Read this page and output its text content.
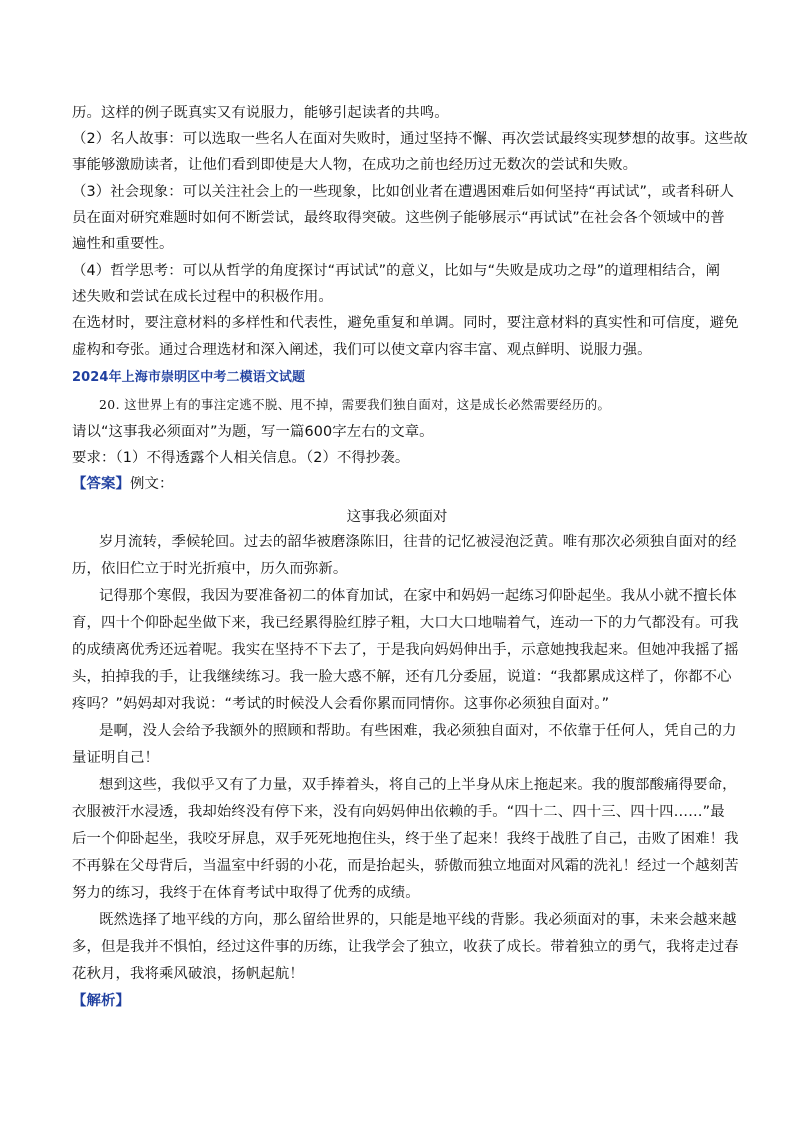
历。这样的例子既真实又有说服力，能够引起读者的共鸣。
（2）名人故事：可以选取一些名人在面对失败时，通过坚持不懈、再次尝试最终实现梦想的故事。这些故
事能够激励读者，让他们看到即使是大人物，在成功之前也经历过无数次的尝试和失败。
（3）社会现象：可以关注社会上的一些现象，比如创业者在遭遇困难后如何坚持“再试试”，或者科研人
员在面对研究难题时如何不断尝试，最终取得突破。这些例子能够展示“再试试”在社会各个领域中的普
遍性和重要性。
（4）哲学思考：可以从哲学的角度探讨“再试试”的意义，比如与“失败是成功之母”的道理相结合，阐
述失败和尝试在成长过程中的积极作用。
在选材时，要注意材料的多样性和代表性，避免重复和单调。同时，要注意材料的真实性和可信度，避免
虚构和夸张。通过合理选材和深入阐述，我们可以使文章内容丰富、观点鲜明、说服力强。
2024年上海市崇明区中考二模语文试题
20. 这世界上有的事注定逃不脱、甩不掉，需要我们独自面对，这是成长必然需要经历的。
请以“这事我必须面对”为题，写一篇600字左右的文章。
要求：（1）不得透露个人相关信息。（2）不得抄袭。
【答案】例文：
这事我必须面对
岁月流转，季候轮回。过去的韶华被磨涤陈旧，往昔的记忆被浸泡泛黄。唯有那次必须独自面对的经
历，依旧伫立于时光折痕中，历久而弥新。
记得那个寒假，我因为要准备初二的体育加试，在家中和妈妈一起练习仰卧起坐。我从小就不擅长体
育，四十个仰卧起坐做下来，我已经累得脸红脖子粗，大口大口地喘着气，连动一下的力气都没有。可我
的成绩离优秀还远着呢。我实在坚持不下去了，于是我向妈妈伸出手，示意她拽我起来。但她冲我摇了摇
头，拍掉我的手，让我继续练习。我一脸大惑不解，还有几分委屈，说道：“我都累成这样了，你都不心
疼吗？”妈妈却对我说：“考试的时候没人会看你累而同情你。这事你必须独自面对。”
是啊，没人会给予我额外的照顾和帮助。有些困难，我必须独自面对，不依靠于任何人，凭自己的力
量证明自己！
想到这些，我似乎又有了力量，双手捧着头，将自己的上半身从床上拖起来。我的腹部酸痛得要命，
衣服被汗水浸透，我却始终没有停下来，没有向妈妈伸出依赖的手。“四十二、四十三、四十四……”最
后一个仰卧起坐，我咬牙屏息，双手死死地抱住头，终于坐了起来！我终于战胜了自己，击败了困难！我
不再躲在父母背后，当温室中纤弱的小花，而是抬起头，骄傲而独立地面对风霜的洗礼！经过一个越刻苦
努力的练习，我终于在体育考试中取得了优秀的成绩。
既然选择了地平线的方向，那么留给世界的，只能是地平线的背影。我必须面对的事，未来会越来越
多，但是我并不惧怕，经过这件事的历练，让我学会了独立，收获了成长。带着独立的勇气，我将走过春
花秋月，我将乘风破浪，扬帆起航！
【解析】
